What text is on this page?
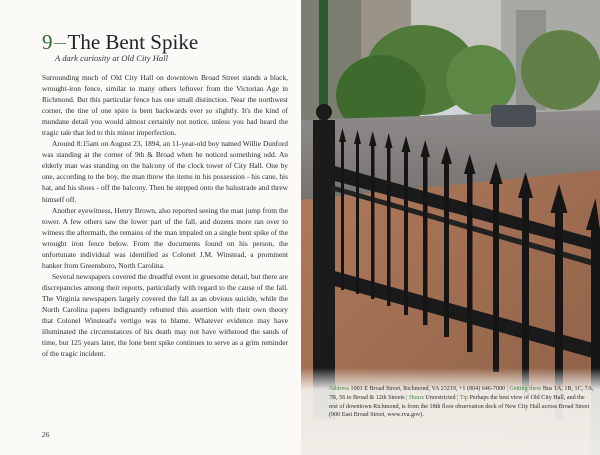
9 The Bent Spike
A dark curiosity at Old City Hall

Surrounding much of Old City Hall on downtown Broad Street stands a black, wrought-iron fence, similar to many others leftover from the Victorian Age in Richmond. But this particular fence has one small distinction. Near the northwest corner, the tine of one spire is bent backwards ever so slightly. It's the kind of mundane detail you would almost certainly not notice, unless you had heard the tragic tale that led to this minor imperfection.

Around 8:15am on August 23, 1894, an 11-year-old boy named Willie Dunford was standing at the corner of 9th & Broad when he noticed something odd. An elderly man was standing on the balcony of the clock tower of City Hall. One by one, according to the boy, the man threw the items in his possession - his cane, his hat, and his shoes - off the balcony. Then he stepped onto the balustrade and threw himself off.

Another eyewitness, Henry Brown, also reported seeing the man jump from the tower. A few others saw the lower part of the fall, and dozens more ran over to witness the aftermath, the remains of the man impaled on a single bent spike of the wrought iron fence below. From the documents found on his person, the unfortunate individual was identified as Colonel J.M. Winstead, a prominent banker from Greensboro, North Carolina.

Several newspapers covered the dreadful event in gruesome detail, but there are discrepancies among their reports, particularly with regard to the cause of the fall. The Virginia newspapers largely covered the fall as an obvious suicide, while the North Carolina papers indignantly rebutted this assertion with their own theory that Colonel Winstead's vertigo was to blame. Whatever evidence may have illuminated the circumstances of his death may not have withstood the sands of time, but 125 years later, the lone bent spike continues to serve as a grim reminder of the tragic incident.

26
Address 1001 E Broad Street, Richmond, VA 23219, +1 (804) 646-7000 | Getting there Bus 1A, 1B, 1C, 7A, 7B, 56 to Broad & 12th Streets | Hours Unrestricted | Tip Perhaps the best view of Old City Hall, and the rest of downtown Richmond, is from the 18th floor observation deck of New City Hall across Broad Street (900 East Broad Street, www.rva.gov).
